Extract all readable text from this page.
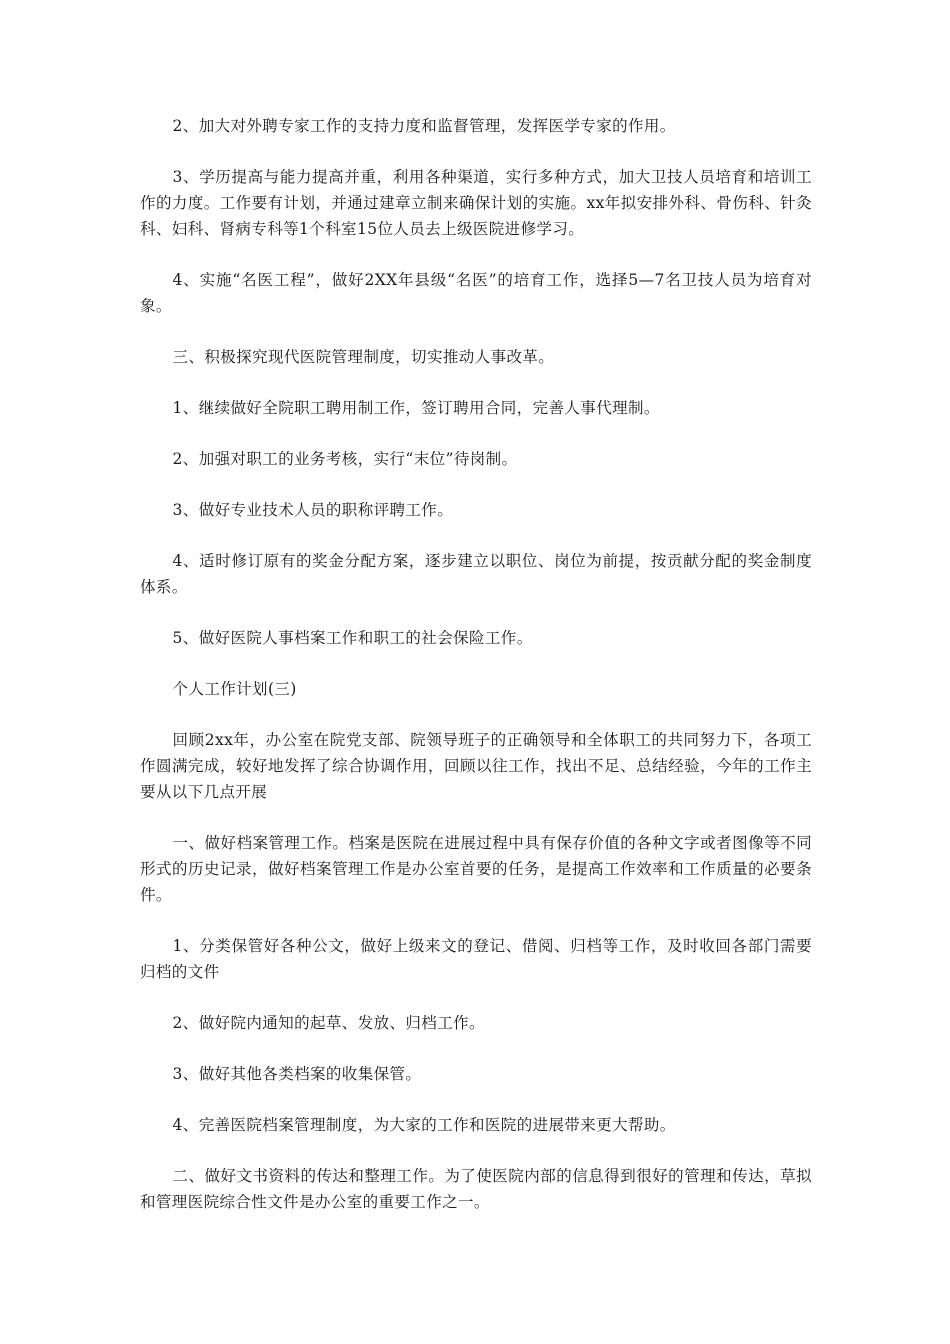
2、加大对外聘专家工作的支持力度和监督管理，发挥医学专家的作用。

3、学历提高与能力提高并重，利用各种渠道，实行多种方式，加大卫技人员培育和培训工作的力度。工作要有计划，并通过建章立制来确保计划的实施。xx年拟安排外科、骨伤科、针灸科、妇科、肾病专科等1个科室15位人员去上级医院进修学习。

4、实施“名医工程”，做好2XX年县级“名医”的培育工作，选择5—7名卫技人员为培育对象。

三、积极探究现代医院管理制度，切实推动人事改革。

1、继续做好全院职工聘用制工作，签订聘用合同，完善人事代理制。

2、加强对职工的业务考核，实行“末位”待岗制。

3、做好专业技术人员的职称评聘工作。

4、适时修订原有的奖金分配方案，逐步建立以职位、岗位为前提，按贡献分配的奖金制度体系。

5、做好医院人事档案工作和职工的社会保险工作。

个人工作计划(三)

回顾2xx年，办公室在院党支部、院领导班子的正确领导和全体职工的共同努力下，各项工作圆满完成，较好地发挥了综合协调作用，回顾以往工作，找出不足、总结经验，今年的工作主要从以下几点开展

一、做好档案管理工作。档案是医院在进展过程中具有保存价值的各种文字或者图像等不同形式的历史记录，做好档案管理工作是办公室首要的任务，是提高工作效率和工作质量的必要条件。

1、分类保管好各种公文，做好上级来文的登记、借阅、归档等工作，及时收回各部门需要归档的文件

2、做好院内通知的起草、发放、归档工作。

3、做好其他各类档案的收集保管。

4、完善医院档案管理制度，为大家的工作和医院的进展带来更大帮助。

二、做好文书资料的传达和整理工作。为了使医院内部的信息得到很好的管理和传达，草拟和管理医院综合性文件是办公室的重要工作之一。
